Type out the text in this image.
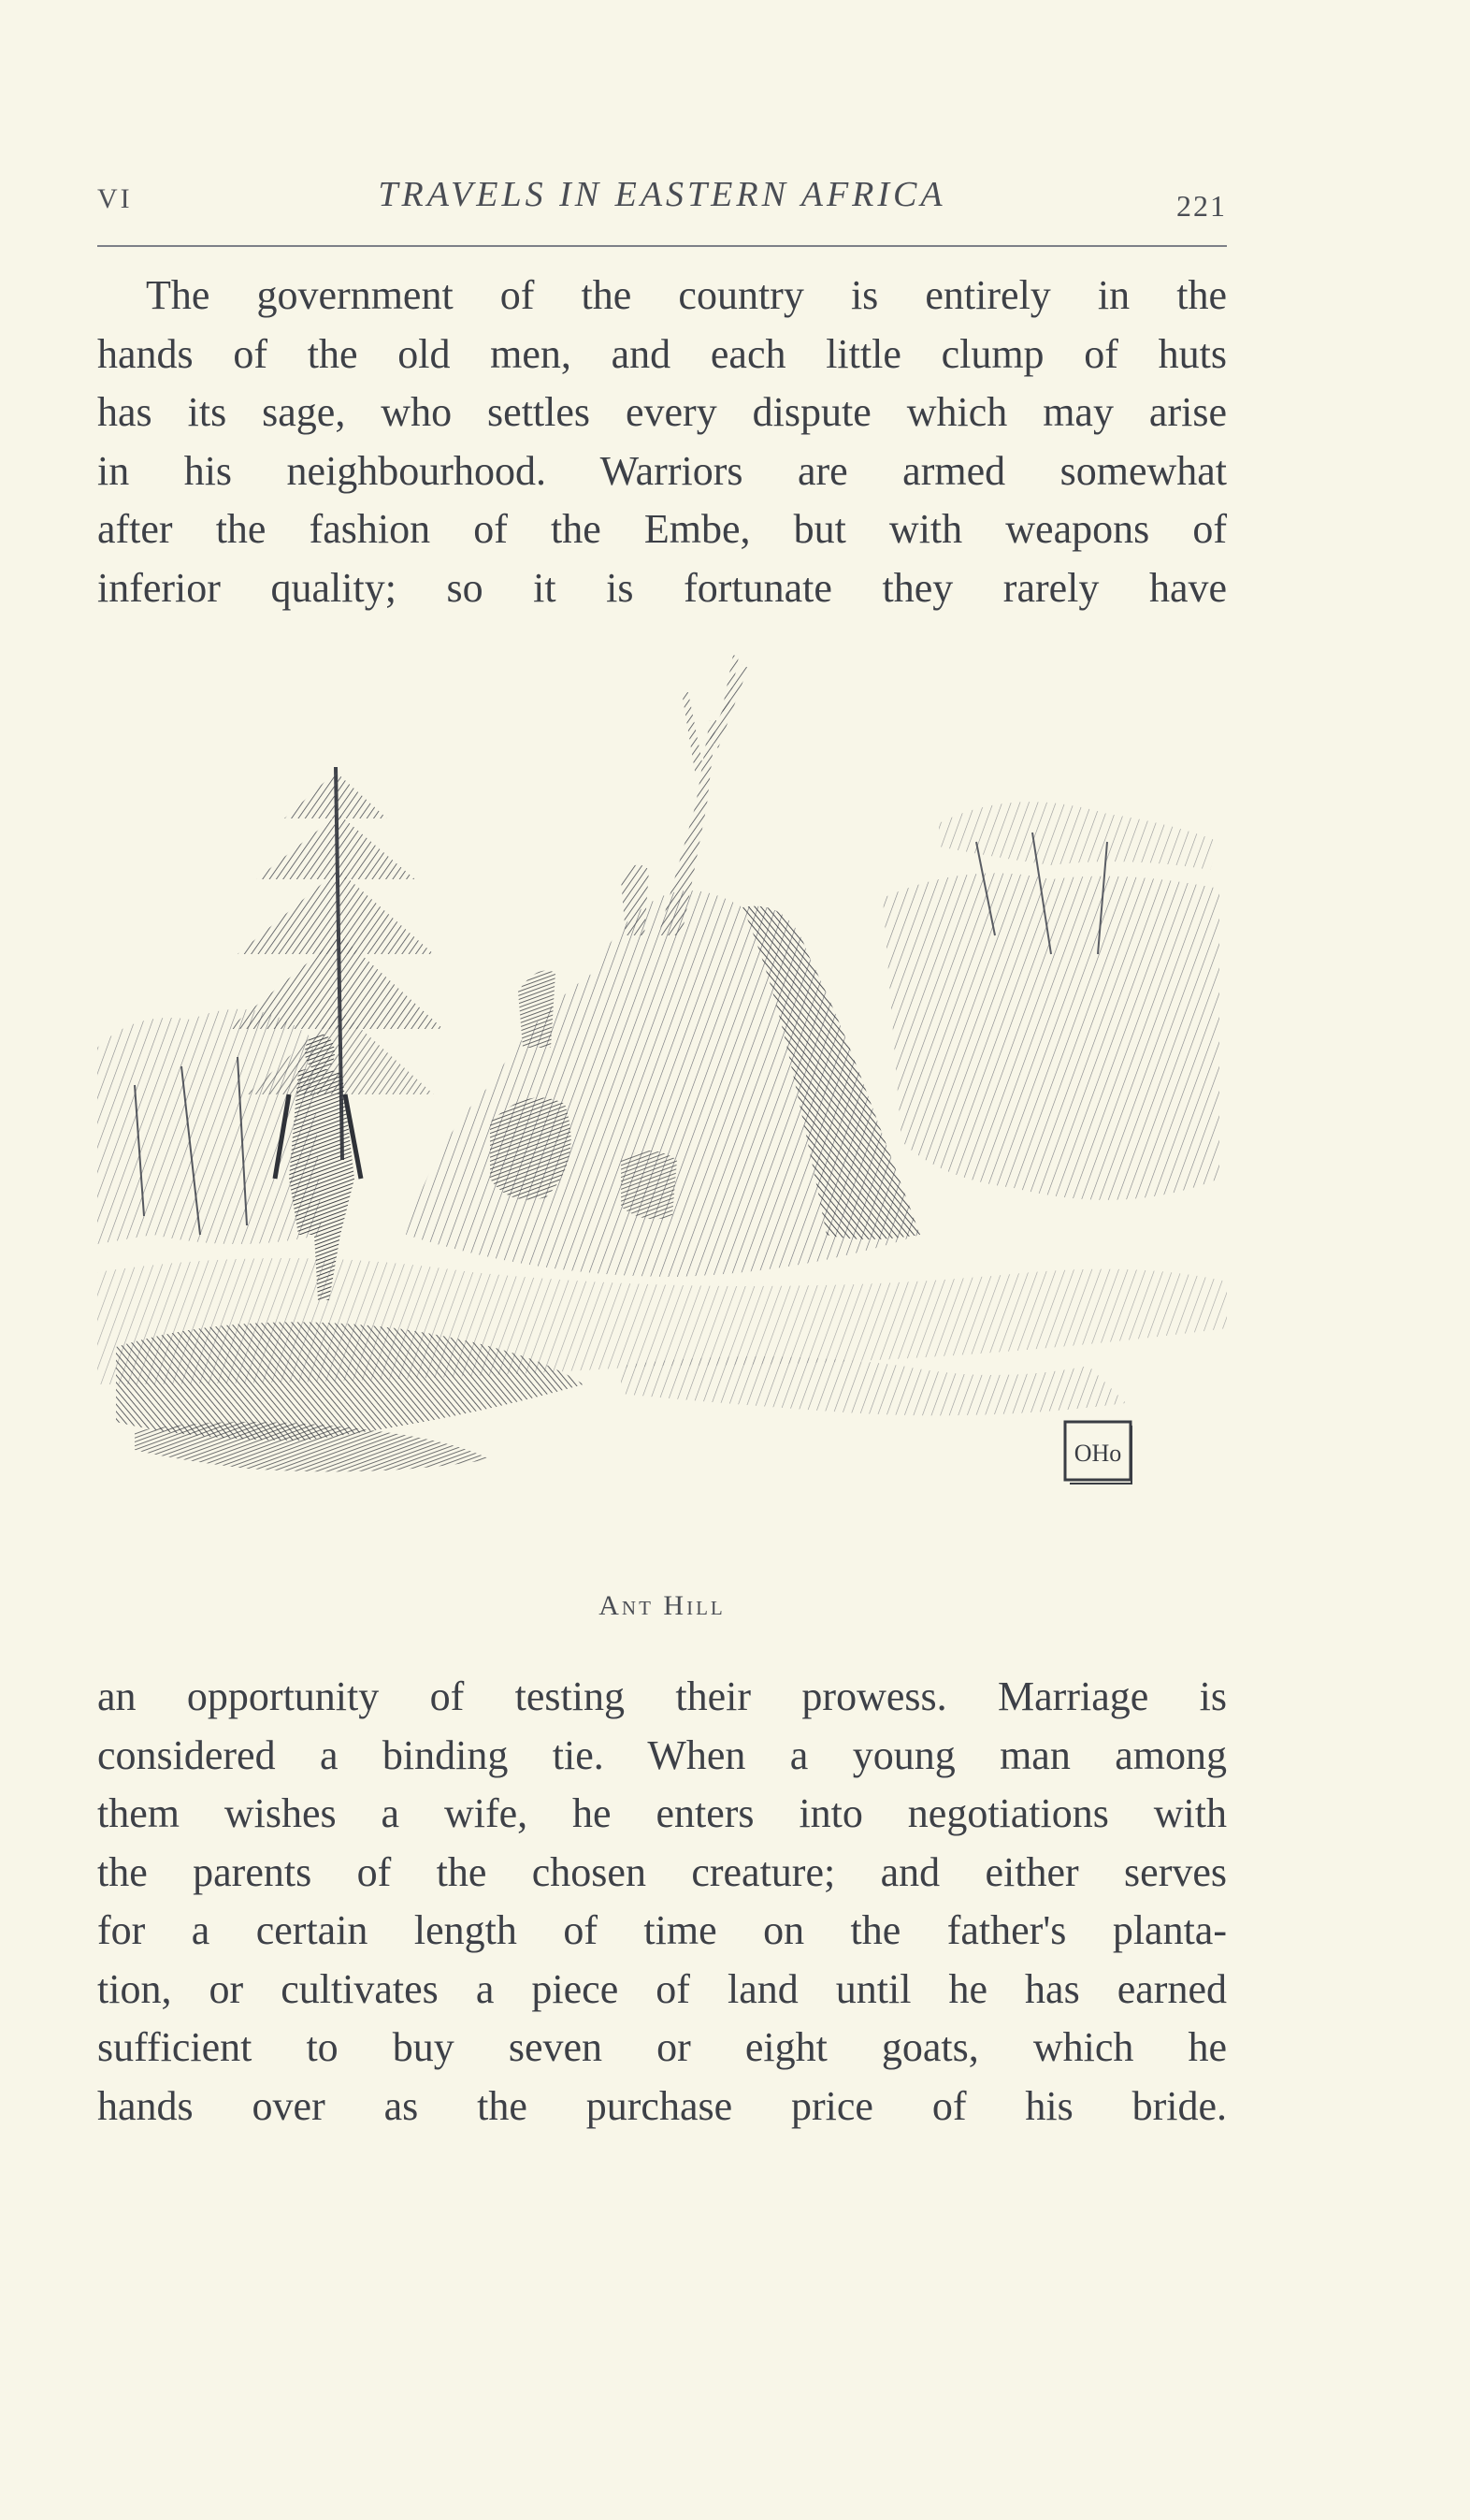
VI	TRAVELS IN EASTERN AFRICA	221

The government of the country is entirely in the
hands of the old men, and each little clump of huts
has its sage, who settles every dispute which may arise
in his neighbourhood. Warriors are armed somewhat
after the fashion of the Embe, but with weapons of
inferior quality; so it is fortunate they rarely have

OHo
Ant Hill

an opportunity of testing their prowess. Marriage is
considered a binding tie. When a young man among
them wishes a wife, he enters into negotiations with
the parents of the chosen creature; and either serves
for a certain length of time on the father's planta-
tion, or cultivates a piece of land until he has earned
sufficient to buy seven or eight goats, which he
hands over as the purchase price of his bride.
